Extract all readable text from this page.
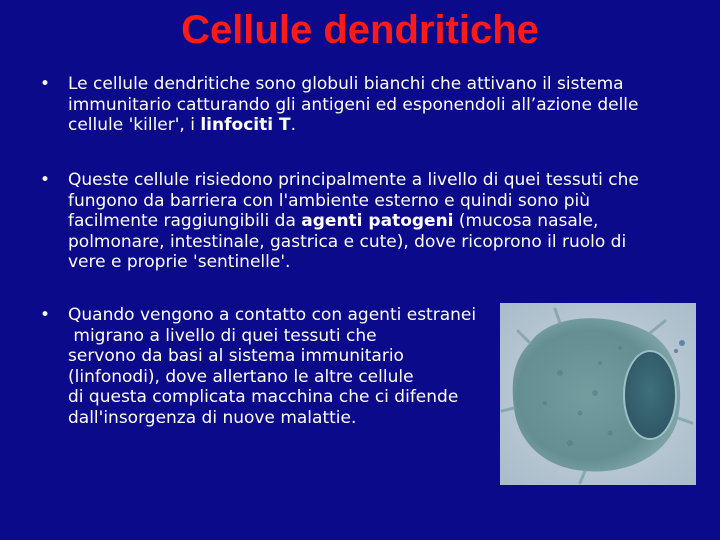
Cellule dendritiche
• Le cellule dendritiche sono globuli bianchi che attivano il sistema
immunitario catturando gli antigeni ed esponendoli all’azione delle
cellule 'killer', i linfociti T.
• Queste cellule risiedono principalmente a livello di quei tessuti che
fungono da barriera con l'ambiente esterno e quindi sono più
facilmente raggiungibili da agenti patogeni (mucosa nasale,
polmonare, intestinale, gastrica e cute), dove ricoprono il ruolo di
vere e proprie 'sentinelle'.
• Quando vengono a contatto con agenti estranei
migrano a livello di quei tessuti che
servono da basi al sistema immunitario
(linfonodi), dove allertano le altre cellule
di questa complicata macchina che ci difende
dall'insorgenza di nuove malattie.
